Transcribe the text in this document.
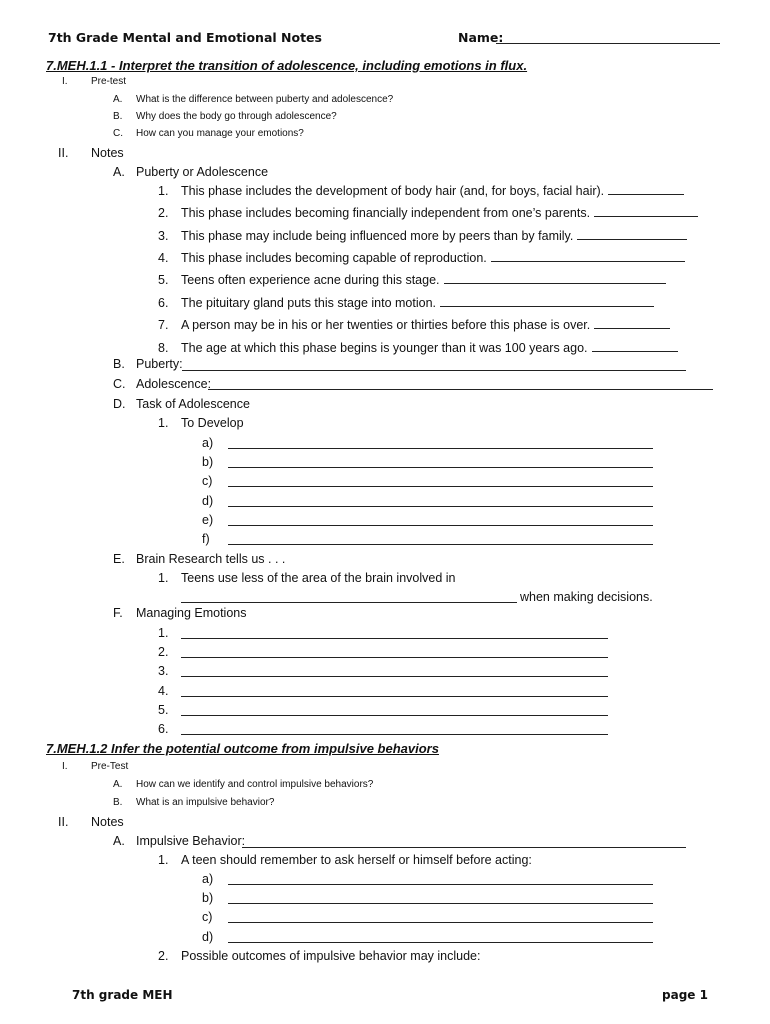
7th Grade Mental and Emotional Notes	Name:
7.MEH.1.1 - Interpret the transition of adolescence, including emotions in flux.
I. Pre-test
A. What is the difference between puberty and adolescence?
B. Why does the body go through adolescence?
C. How can you manage your emotions?
II. Notes
A. Puberty or Adolescence
1.	This phase includes the development of body hair (and, for boys, facial hair).
2.	This phase includes becoming financially independent from one’s parents.
3.	This phase may include being influenced more by peers than by family.
4.	This phase includes becoming capable of reproduction.
5.	Teens often experience acne during this stage.
6.	The pituitary gland puts this stage into motion.
7.	A person may be in his or her twenties or thirties before this phase is over.
8.	The age at which this phase begins is younger than it was 100 years ago.
B. Puberty:
C. Adolescence:
D. Task of Adolescence
1. To Develop
a)
b)
c)
d)
e)
f)
E. Brain Research tells us . . .
1. Teens use less of the area of the brain involved in
when making decisions.
F. Managing Emotions
1.
2.
3.
4.
5.
6.
7.MEH.1.2 Infer the potential outcome from impulsive behaviors
I. Pre-Test
A. How can we identify and control impulsive behaviors?
B. What is an impulsive behavior?
II. Notes
A. Impulsive Behavior:
1. A teen should remember to ask herself or himself before acting:
a)
b)
c)
d)
2. Possible outcomes of impulsive behavior may include:
7th grade MEH	page 1
